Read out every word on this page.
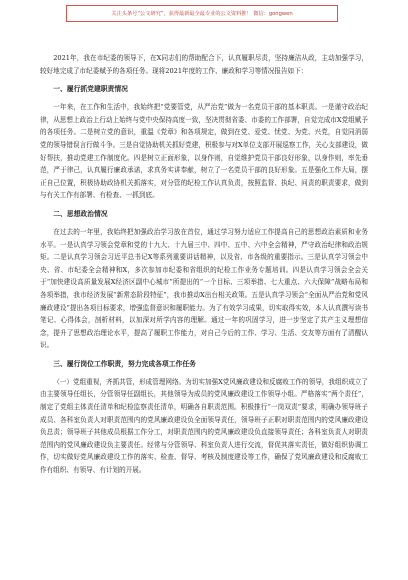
关注头条号“公文研究”，获得最新最全最专业的公文资料推！ 微信：gongwen

2021年，我在市纪委的领导下，在X同志们的帮助配合下，认真履职尽责，坚持廉洁从政，主动加强学习，较好地完成了市纪委赋予的各项任务。现将2021年度的工作、廉政和学习等情况报告如下：

一、履行抓党建职责情况

一年来，在工作和生活中，我始终把“党要管党，从严治党”做为一名党员干部的基本职责。一是谨守政治纪律，从思想上政治上行动上始终与党中央保持高度一致，坚决贯彻省委、市委的工作部署，自觉完成市X党组赋予的各项任务。二是树立党的意识，重温《党章》和各项规定，做到在党、爱党、忧党、为党、兴党，自觉同消弱党的领导错误言行做斗争。三是自觉协助机关抓好党建，积极参与对X单位支部开展巡察工作，关心支部建设，做好帮扶，推动党建工作制度化。四是树立正面形象，以身作则，自觉维护党员干部良好形象，以身作则，率先垂范，严于律己，认真履行廉政承诺，求真务实讲奉献，树立了一名党员干部的良好形象。五是强化工作大局，摆正自己位置，积极协助政协机关抓落实，对分管的纪检工作认真负责，按照监督、执纪、问责的职责要求，做到与有关工作有部署、有检查、一抓到底。

二、思想政治情况

在过去的一年里，我始终把加强政治学习放在首位，通过学习努力适应工作提高自己的思想政治素质和业务水平。一是认真学习领会党章和党的十九大、十九届三中、四中、五中、六中全会精神，严守政治纪律和政治规矩。二是认真学习领会习近平总书记X等系列重要讲话精神，以及省、市各级的重要指示。三是认真学习领会中央、省、市纪委全会精神和X，多次参加市纪委和省组织的纪检工作业务专题培训。四是认真学习领会全会关于“加快建设高质量发展X经济区副中心城市”所提出的“一个目标、三项举措、七大重点、六大保障”战略布局和各项举措，我市经济发展“新常态阶段特征”，我市推动X出台相关政策。五是认真学习领会“全面从严治党和党风廉政建设”提出各项目标要求，增强监督意识和履职能力。为了有效学习成果，切实取得实效，本人认真撰写读书笔记、心得体会，剖析材料，以加深对所学内容的理解。通过一年的巩固学习，进一步坚定了共产主义理想信念，提升了思想政治理论水平，提高了履职工作能力，对自己今后的工作、学习、生活、交友等方面有了清醒认识。

三、履行岗位工作职责，努力完成各项工作任务

（一）党组重视，齐抓共管，形成管理网络。为切实加强X党风廉政建设和反腐败工作的领导，我组织成立了由主要领导任组长，分管领导任副组长，其他领导为成员的党风廉政建设工作领导小组。严格落实“两个责任”，制定了党组主体责任清单和纪检监察责任清单，明确各自职责范围。积极推行“一岗双责”要求，明确办领导班子成员、各科室负责人对职责范围内的党风廉政建设负全面领导责任，领导班子正职对职责范围内的党风廉政建设负总责；领导班子其他成员根据工作分工，对职责范围内的党风廉政建设负直接领导责任；各科室负责人对职责范围内的党风廉政建设负主要责任。经常与分管领导、科室负责人进行交流，督促其落实责任，做好组织协调工作，切实做好党风廉政建设工作的落实、检查、督导、考核及制度建设等工作，确保了党风廉政建设和反腐败工作有组织、有领导、有计划的开展。
